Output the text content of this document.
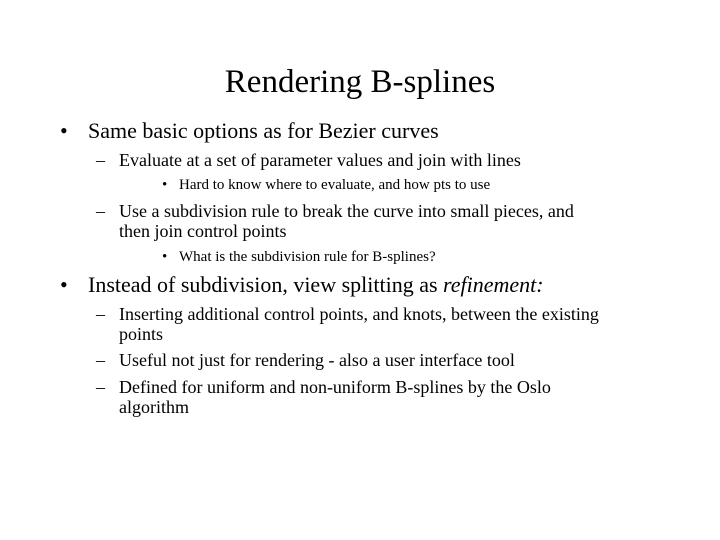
Rendering B-splines
• Same basic options as for Bezier curves
– Evaluate at a set of parameter values and join with lines
• Hard to know where to evaluate, and how pts to use
– Use a subdivision rule to break the curve into small pieces, and
then join control points
• What is the subdivision rule for B-splines?
• Instead of subdivision, view splitting as refinement:
– Inserting additional control points, and knots, between the existing
points
– Useful not just for rendering - also a user interface tool
– Defined for uniform and non-uniform B-splines by the Oslo
algorithm
